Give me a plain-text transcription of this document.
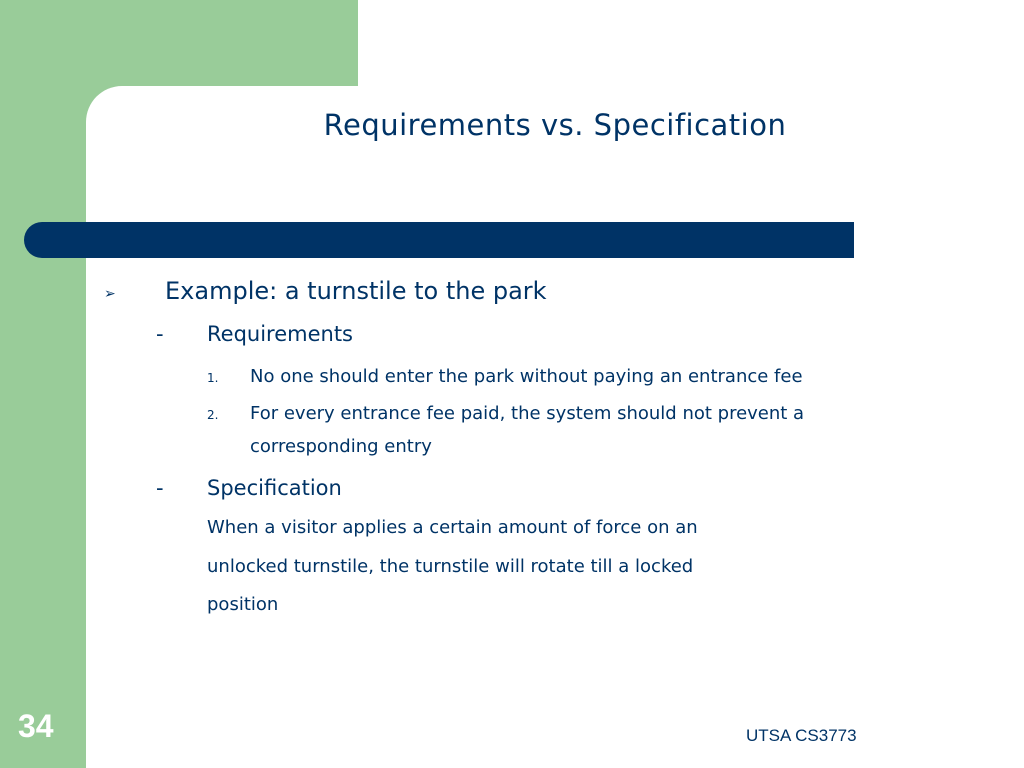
Requirements vs. Specification
➢ Example: a turnstile to the park
- Requirements
1. No one should enter the park without paying an entrance fee
2. For every entrance fee paid, the system should not prevent a
corresponding entry
- Specification
When a visitor applies a certain amount of force on an
unlocked turnstile, the turnstile will rotate till a locked
position
34	UTSA CS3773
